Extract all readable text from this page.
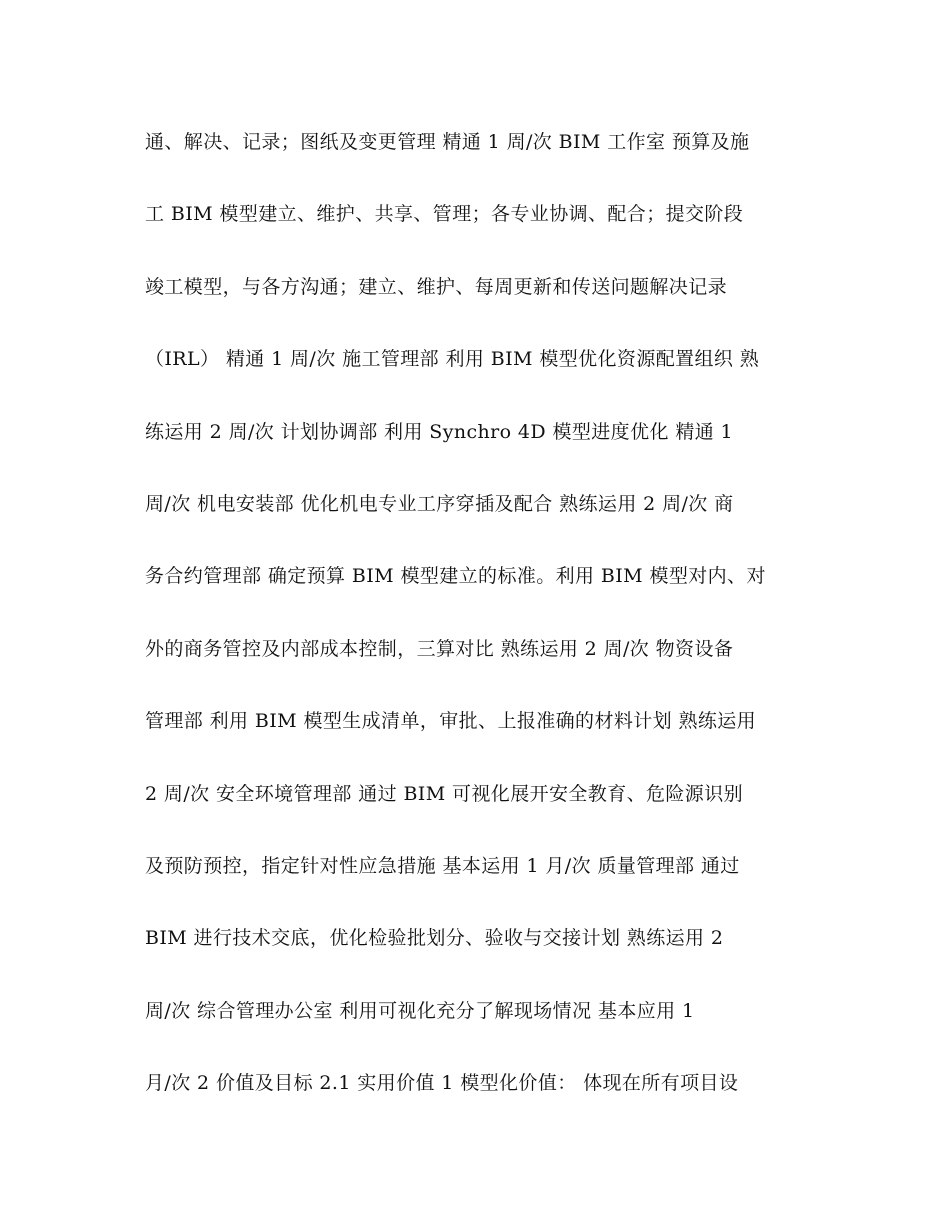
通、解决、记录；图纸及变更管理 精通 1 周/次 BIM 工作室 预算及施
工 BIM 模型建立、维护、共享、管理；各专业协调、配合；提交阶段
竣工模型，与各方沟通；建立、维护、每周更新和传送问题解决记录
（IRL） 精通 1 周/次 施工管理部 利用 BIM 模型优化资源配置组织 熟
练运用 2 周/次 计划协调部 利用 Synchro 4D 模型进度优化 精通 1
周/次 机电安装部 优化机电专业工序穿插及配合 熟练运用 2 周/次 商
务合约管理部 确定预算 BIM 模型建立的标准。利用 BIM 模型对内、对
外的商务管控及内部成本控制，三算对比 熟练运用 2 周/次 物资设备
管理部 利用 BIM 模型生成清单，审批、上报准确的材料计划 熟练运用
2 周/次 安全环境管理部 通过 BIM 可视化展开安全教育、危险源识别
及预防预控，指定针对性应急措施 基本运用 1 月/次 质量管理部 通过
BIM 进行技术交底，优化检验批划分、验收与交接计划 熟练运用 2
周/次 综合管理办公室 利用可视化充分了解现场情况 基本应用 1
月/次 2 价值及目标 2.1 实用价值 1 模型化价值： 体现在所有项目设
